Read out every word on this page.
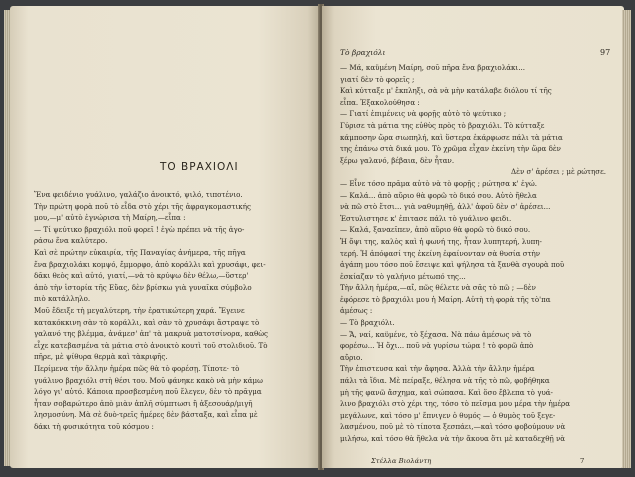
ΤΟ ΒΡΑΧΙΟΛΙ
Ἕνα φειδένιο γυάλινο, γαλάζιο ἀνοικτό, ψιλό, τιποτένιο.
Τὴν πρώτη φορὰ ποῦ τὸ εἶδα στὸ χέρι τῆς ἀφραγκομαστικής
μου,—μ' αὐτὸ ἐγνώρισα τὴ Μαίρη,—εἶπα :
— Τί ψεύτικο βραχιόλι ποῦ φορεῖ ! ἐγὼ πρέπει νὰ τῆς ἀγο-
ράσω ἕνα καλύτερο.
Καὶ σὲ πρώτην εὐκαιρία, τῆς Παναγίας ἀνήμερα, τῆς πῆγα
ἕνα βραχιολάκι κομψό, ἔμμορφο, ἀπὸ κοράλλι καὶ χρυσάφι, φει-
δᾶκι θεὸς καὶ αὐτό, γιατί,—νὰ τὸ κρύψω δὲν θέλω,—ὕστερ'
ἀπὸ τὴν ἱστορία τῆς Εὔας, δὲν βρίσκω γιὰ γυναῖκα σύμβολο
πιὸ κατάλληλο.
Μοῦ ἔδειξε τὴ μεγαλύτερη, τὴν ἐρατικώτερη χαρά. Ἔγεινε
κατακόκκινη σὰν τὸ κοράλλι, καὶ σὰν τὸ χρυσάφι ἄστραψε τὸ
γαλανό της βλέμμα, ἀνάμεσ' ἀπ' τὰ μακρυὰ ματοτσίνορα, καθὼς
εἶχε κατεβασμένα τὰ μάτια στὸ ἀνοικτὸ κουτὶ τοῦ στολιδιοῦ. Τὸ
πῆρε, μὲ ψίθυρα θερμὰ καὶ τὰκριφῆς.
Περίμενα τὴν ἄλλην ἡμέρα πῶς θὰ τὸ φορέσῃ. Τίποτε· τὸ
γυάλινο βραχιόλι στὴ θέσι του. Μοῦ φάνηκε κακὸ νὰ μὴν κάμω
λόγο γι' αὐτό. Κάποια προσβεσμένη ποῦ ἔλεγεν, δὲν τὸ πρᾶγμα
ἦταν σοβαρώτερο ἀπὸ μιὰν ἁπλῆ σύμπτωσι ἢ ἀξεσουάρ/μιγῆ
λησμοσύνη. Μὰ σὲ δυὸ-τρεῖς ἡμέρες δὲν βάσταξα, καὶ εἶπα μὲ
δάκι τὴ φυσικότητα τοῦ κόσμου :
Τὸ βραχιόλι	97
— Μά, καϋμένη Μαίρη, σοῦ πῆρα ἕνα βραχιολάκι...
γιατί δὲν τὸ φορεῖς ;
Καὶ κύτταξε μ' ἔκπληξι, σὰ νὰ μὴν κατάλαβε διόλου τί τῆς
εἶπα. Ἐξακολούθησα :
— Γιατί ἐπιμένεις νὰ φορῇς αὐτὸ τὸ ψεύτικο ;
Γύρισε τὰ μάτια της εὐθὺς πρὸς τὸ βραχιόλι. Τὸ κύτταξε
κάμποσην ὥρα σιωπηλή, καὶ ὕστερα ἐκάρφωσε πάλι τὰ μάτια
της ἐπάνω στὰ δικά μου. Τὸ χρῶμα εἶχαν ἐκείνη τὴν ὥρα δὲν
ξέρω γαλανό, βέβαια, δὲν ἦταν.
Δὲν σ' ἀρέσει ; μὲ ρώτησε.
— Εἶνε τόσο πρᾶμα αὐτὸ νὰ τὸ φορῇς ; ρώτησα κ' ἐγώ.
— Καλά... ἀπὸ αὔριο θὰ φορῶ τὸ δικό σου. Αὐτὸ ἤθελα
νὰ πῶ στὸ ἔτσι... γιὰ ναθυμηθῇ, ἀλλ' ἀφοῦ δὲν σ' ἀρέσει...
Ἐστυλιστησε κ' ἐπιτασε πάλι τὸ γυάλινο φειδι.
— Καλά, ξαναεῖπεν, ἀπὸ αὔριο θὰ φορῶ τὸ δικό σου.
Ἡ ὄψι της, καλὸς καὶ ἡ φωνή της, ἦταν λυπητερή, λυπη-
τερή. Ἡ ἀπόφασί της ἐκείνη ἐφαίνονταν σὰ θυσία στὴν
ἀγάπη μου τόσο ποῦ ἔσειψε καὶ ψήλησα τὰ ξανθὰ σγουρὰ ποῦ
ἐσκίαζαν τὸ γαλήνιο μέτωπό της...
Τὴν ἄλλη ἡμέρα,—αἴ, πῶς θέλετε νὰ σᾶς τὸ πῶ ; —δὲν
ἐφόρεσε τὸ βραχιόλι μου ἡ Μαίρη. Αὐτὴ τὴ φορὰ τῆς τὸ'πα
ἀμέσως :
— Τὸ βραχιόλι.
— Ἄ, ναί, καϋμένε, τὸ ξέχασα. Νὰ πάω ἀμέσως νὰ τὸ
φορέσω... Ἡ ὄχι... ποῦ νὰ γυρίσω τώρα ! τὸ φορῶ ἀπὸ
αὔριο.
Τὴν ἐπιστευσα καὶ τὴν ἄφησα. Ἀλλὰ τὴν ἄλλην ἡμέρα
πάλι τὰ ἴδια. Μὲ πείραξε, θέλησα νὰ τῆς τὸ πῶ, φοβήθηκα
μὴ τῆς φανῶ ἄσχημα, καὶ σώπασα. Καὶ ὅσο ἔβλεπα τὸ γυά-
λινο βραχιόλι στὸ χέρι της, τόσο τὸ πεῖσμα μου μέρα τὴν ἡμέρα
μεγάλωνε, καὶ τόσο μ' ἔπνιγεν ὁ θυμός — ὁ θυμὸς τοῦ ξεγε-
λασμένου, ποῦ μὲ τὸ τίποτα ξεσπάει,—καὶ τόσο φοβούμουν νὰ
μιλήσω, καὶ τόσο θὰ ἤθελα νὰ τὴν ἄκουα ὅτι μὲ καταδεχθῇ νὰ
Στέλλα Βιολάντη	7
